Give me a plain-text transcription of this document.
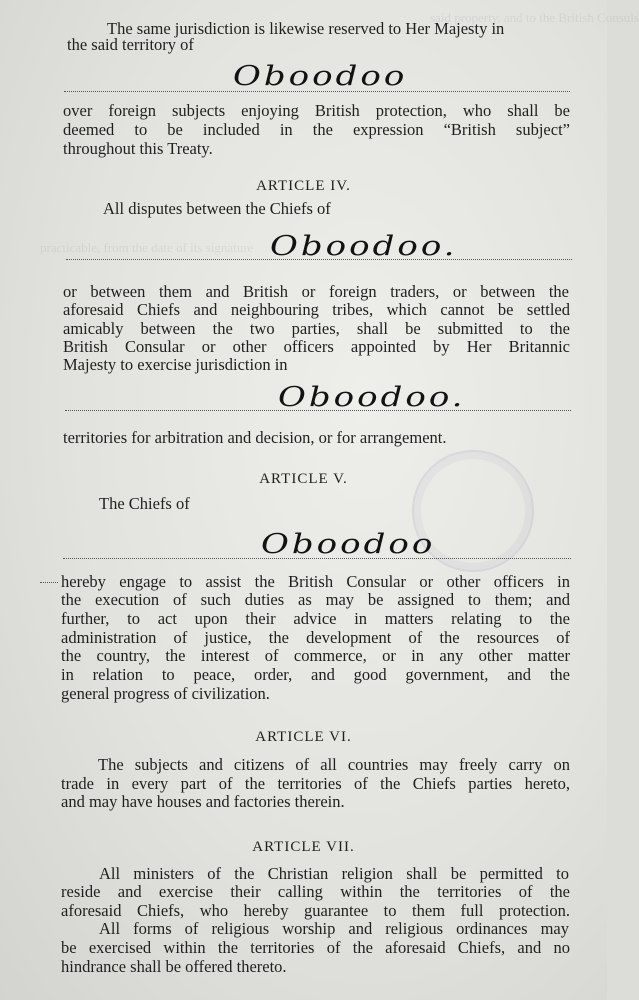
said property, and to the British Consuls
practicable, from the date of its signature
The same jurisdiction is likewise reserved to Her Majesty in
the said territory of
Oboodoo
over foreign subjects enjoying British protection, who shall be
deemed to be included in the expression “British subject”
throughout this Treaty.
ARTICLE IV.
All disputes between the Chiefs of
Oboodoo.
or between them and British or foreign traders, or between the
aforesaid Chiefs and neighbouring tribes, which cannot be settled
amicably between the two parties, shall be submitted to the
British Consular or other officers appointed by Her Britannic
Majesty to exercise jurisdiction in
Oboodoo.
territories for arbitration and decision, or for arrangement.
ARTICLE V.
The Chiefs of
Oboodoo
hereby engage to assist the British Consular or other officers in
the execution of such duties as may be assigned to them; and
further, to act upon their advice in matters relating to the
administration of justice, the development of the resources of
the country, the interest of commerce, or in any other matter
in relation to peace, order, and good government, and the
general progress of civilization.
ARTICLE VI.
The subjects and citizens of all countries may freely carry on
trade in every part of the territories of the Chiefs parties hereto,
and may have houses and factories therein.
ARTICLE VII.
All ministers of the Christian religion shall be permitted to
reside and exercise their calling within the territories of the
aforesaid Chiefs, who hereby guarantee to them full protection.
All forms of religious worship and religious ordinances may
be exercised within the territories of the aforesaid Chiefs, and no
hindrance shall be offered thereto.
